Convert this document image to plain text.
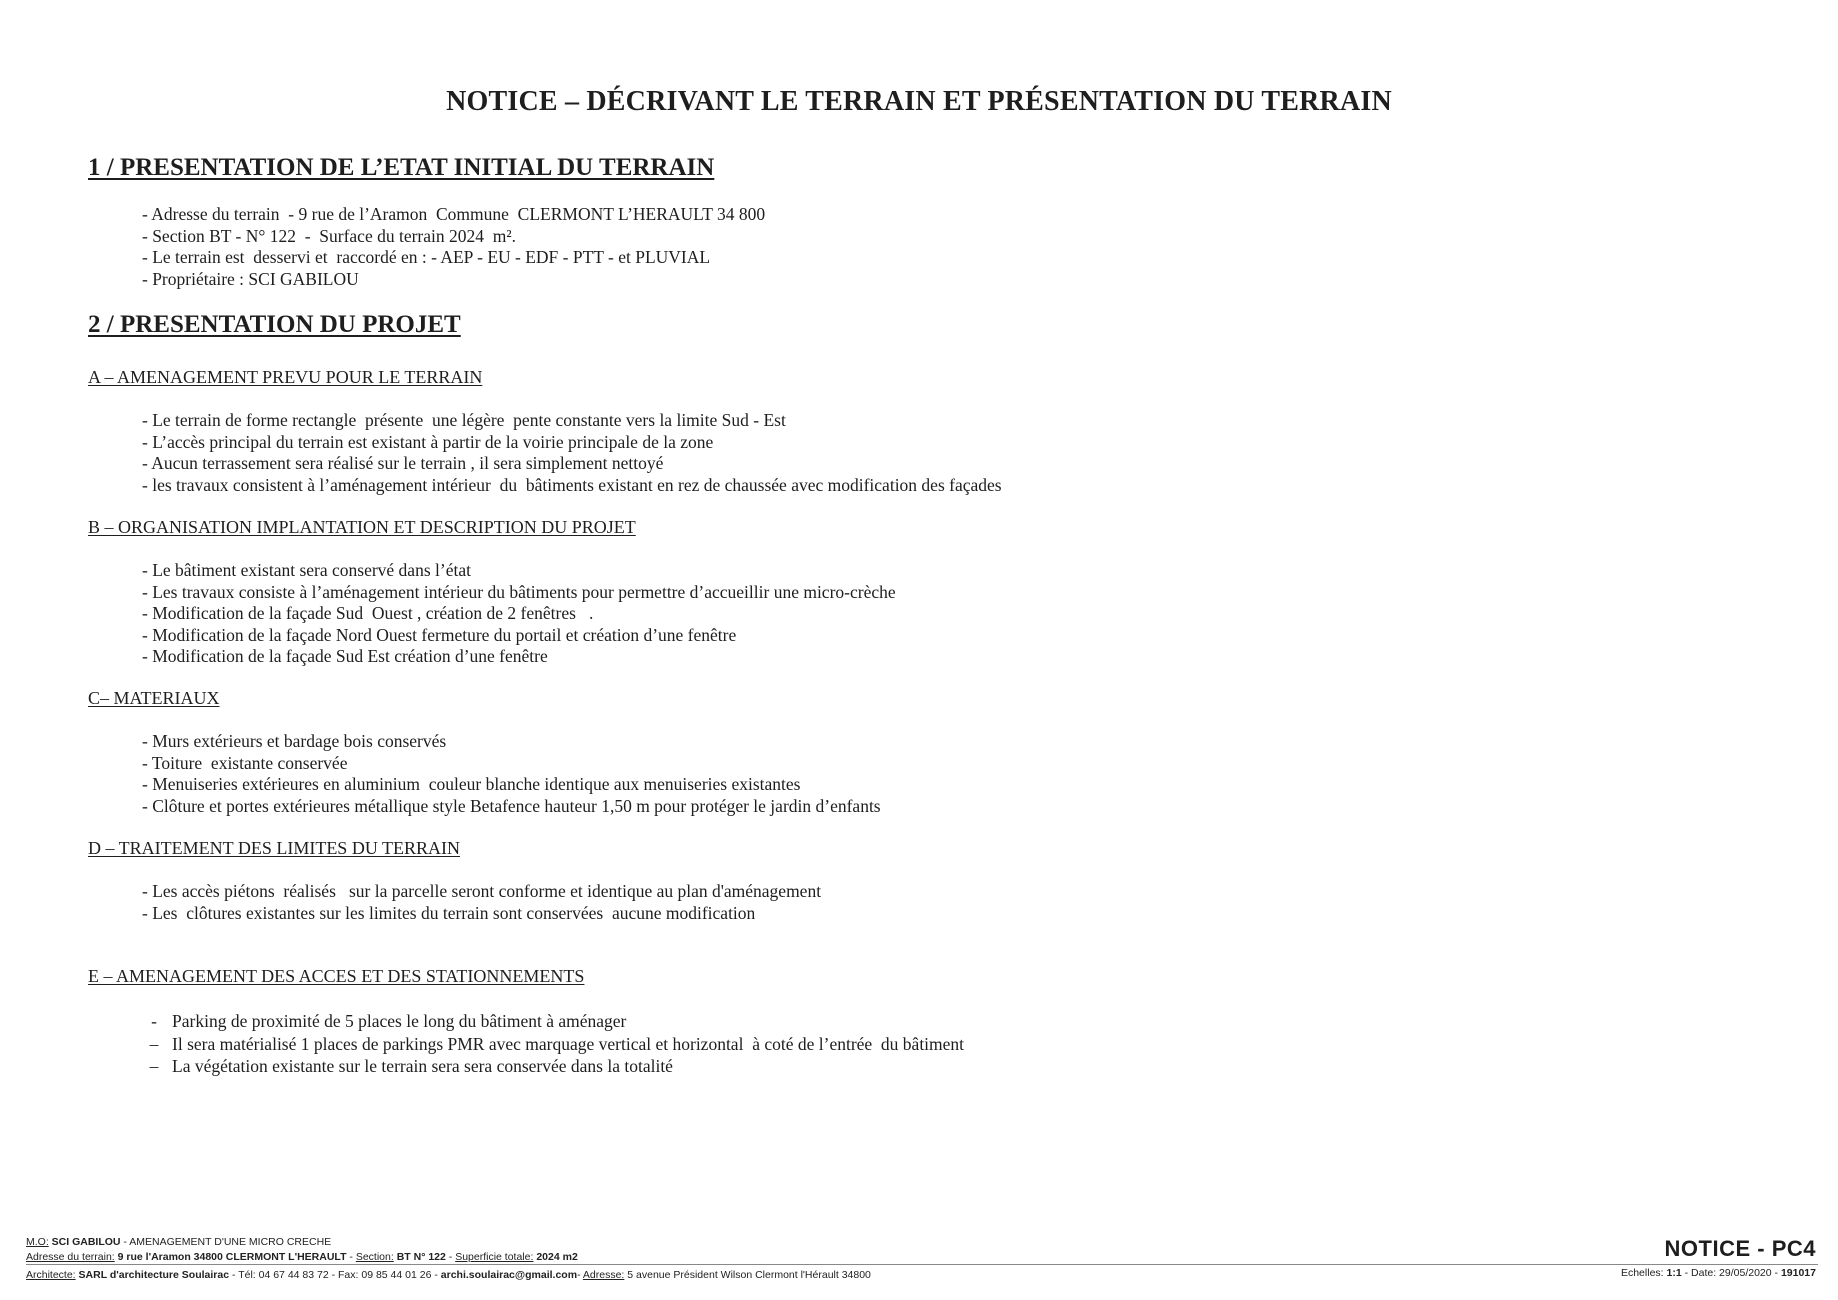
NOTICE – DÉCRIVANT LE TERRAIN ET PRÉSENTATION DU TERRAIN
1 / PRESENTATION DE L’ETAT INITIAL DU TERRAIN
- Adresse du terrain  - 9 rue de l’Aramon  Commune  CLERMONT L’HERAULT 34 800
- Section BT - N° 122  -  Surface du terrain 2024  m².
- Le terrain est  desservi et  raccordé en : - AEP - EU - EDF - PTT - et PLUVIAL
- Propriétaire : SCI GABILOU
2 / PRESENTATION DU PROJET
A – AMENAGEMENT PREVU POUR LE TERRAIN
- Le terrain de forme rectangle  présente  une légère  pente constante vers la limite Sud - Est
- L’accès principal du terrain est existant à partir de la voirie principale de la zone
- Aucun terrassement sera réalisé sur le terrain , il sera simplement nettoyé
- les travaux consistent à l’aménagement intérieur  du  bâtiments existant en rez de chaussée avec modification des façades
B – ORGANISATION IMPLANTATION ET DESCRIPTION DU PROJET
- Le bâtiment existant sera conservé dans l’état
- Les travaux consiste à l’aménagement intérieur du bâtiments pour permettre d’accueillir une micro-crèche
- Modification de la façade Sud  Ouest , création de 2 fenêtres   .
- Modification de la façade Nord Ouest fermeture du portail et création d’une fenêtre
- Modification de la façade Sud Est création d’une fenêtre
C– MATERIAUX
- Murs extérieurs et bardage bois conservés
- Toiture  existante conservée
- Menuiseries extérieures en aluminium  couleur blanche identique aux menuiseries existantes
- Clôture et portes extérieures métallique style Betafence hauteur 1,50 m pour protéger le jardin d’enfants
D – TRAITEMENT DES LIMITES DU TERRAIN
- Les accès piétons  réalisés   sur la parcelle seront conforme et identique au plan d'aménagement
- Les  clôtures existantes sur les limites du terrain sont conservées  aucune modification
E – AMENAGEMENT DES ACCES ET DES STATIONNEMENTS
- Parking de proximité de 5 places le long du bâtiment à aménager
– Il sera matérialisé 1 places de parkings PMR avec marquage vertical et horizontal  à coté de l’entrée  du bâtiment
– La végétation existante sur le terrain sera sera conservée dans la totalité
M.O: SCI GABILOU - AMENAGEMENT D'UNE MICRO CRECHE
Adresse du terrain: 9 rue l'Aramon 34800 CLERMONT L'HERAULT - Section: BT N° 122 - Superficie totale: 2024 m2
Architecte: SARL d'architecture Soulairac - Tél: 04 67 44 83 72 - Fax: 09 85 44 01 26 - archi.soulairac@gmail.com- Adresse: 5 avenue Président Wilson Clermont l'Hérault 34800
NOTICE - PC4
Echelles: 1:1 - Date: 29/05/2020 - 191017
